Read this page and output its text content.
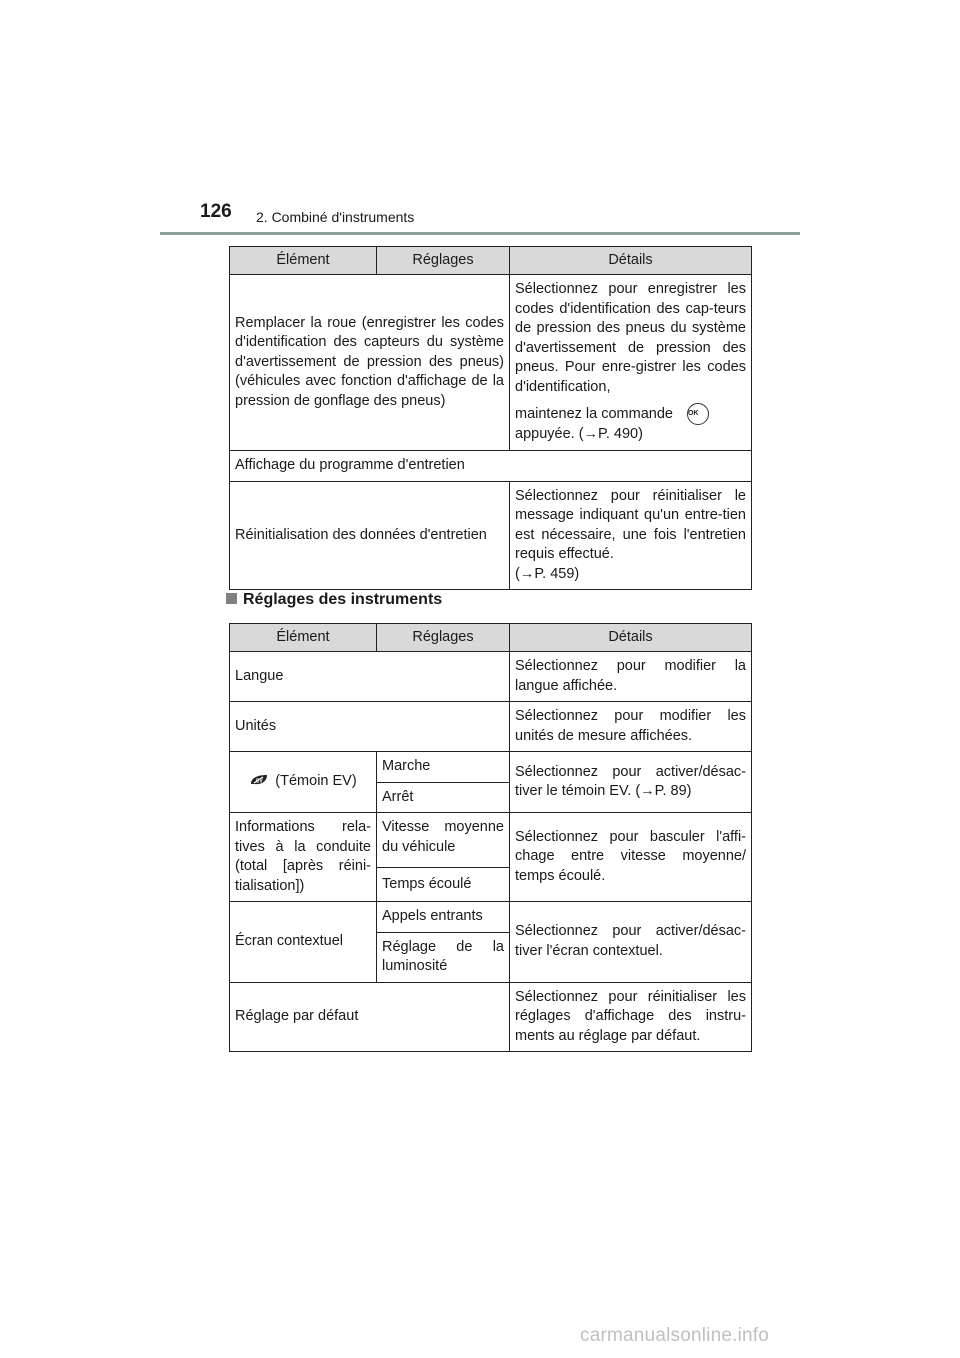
126 2. Combiné d'instruments
Élément	Réglages	Détails
Remplacer la roue (enregistrer les codes d'identification des capteurs du système d'avertissement de pression des pneus) (véhicules avec fonction d'affichage de la pression de gonflage des pneus)		Sélectionnez pour enregistrer les codes d'identification des cap-teurs de pression des pneus du système d'avertissement de pression des pneus. Pour enre-gistrer les codes d'identification,
maintenez la commande OK
appuyée. (→P. 490)
Affichage du programme d'entretien		
Réinitialisation des données d'entretien		Sélectionnez pour réinitialiser le message indiquant qu'un entre-tien est nécessaire, une fois l'entretien requis effectué.
(→P. 459)
Réglages des instruments
Élément	Réglages	Détails
Langue		Sélectionnez pour modifier la langue affichée.
Unités		Sélectionnez pour modifier les unités de mesure affichées.

EV (Témoin EV)	Marche	Sélectionnez pour activer/désac-tiver le témoin EV. (→P. 89)
	Arrêt	
Informations rela-tives à la conduite (total [après réini-tialisation])	Vitesse moyenne du véhicule	Sélectionnez pour basculer l'affi-chage entre vitesse moyenne/ temps écoulé.
	Temps écoulé	
Écran contextuel	Appels entrants	Sélectionnez pour activer/désac-tiver l'écran contextuel.
	Réglage de la luminosité	
Réglage par défaut		Sélectionnez pour réinitialiser les réglages d'affichage des instru-ments au réglage par défaut.
carmanualsonline.info
